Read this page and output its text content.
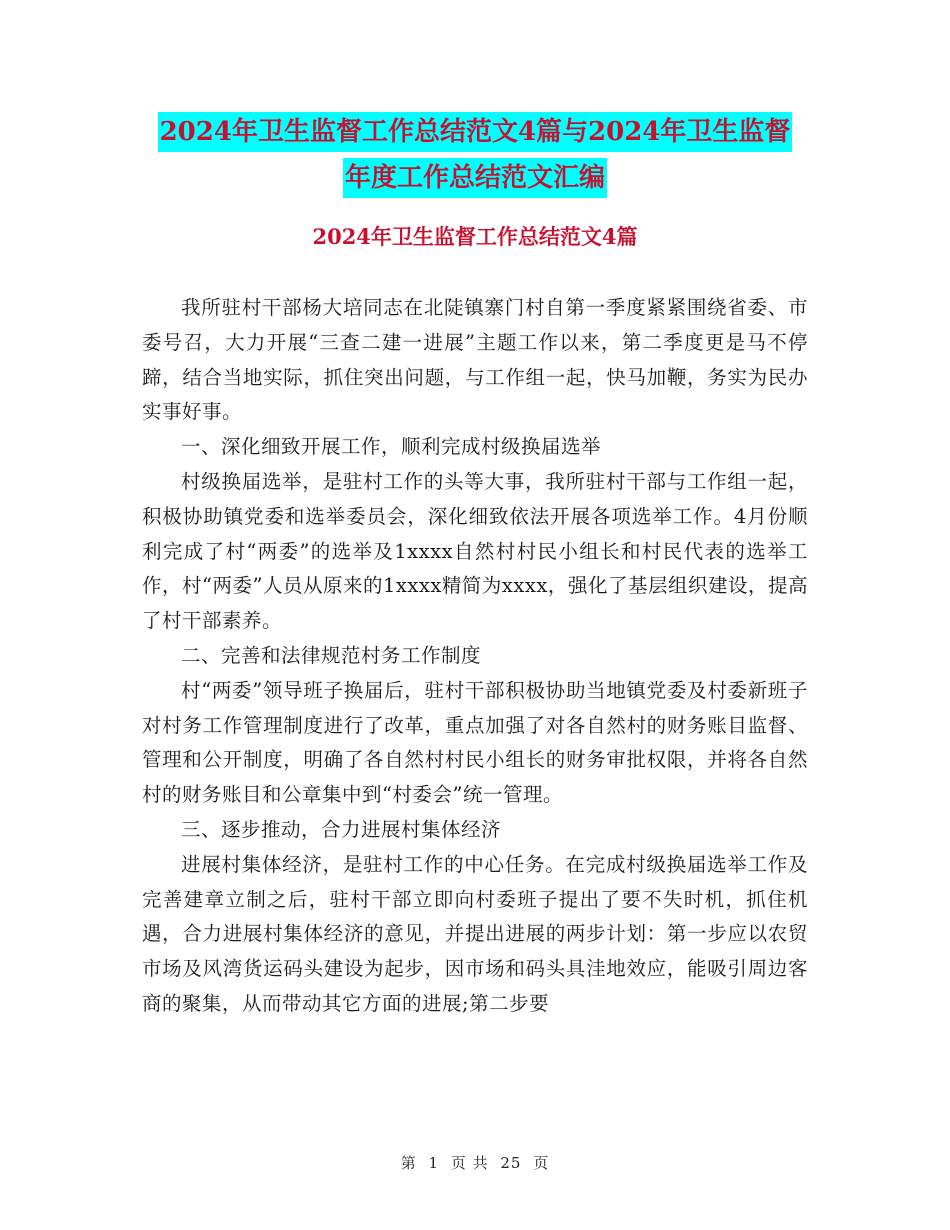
2024年卫生监督工作总结范文4篇与2024年卫生监督
年度工作总结范文汇编
2024年卫生监督工作总结范文4篇

我所驻村干部杨大培同志在北陡镇寨门村自第一季度紧紧围绕省委、市委号召，大力开展“三查二建一进展”主题工作以来，第二季度更是马不停蹄，结合当地实际，抓住突出问题，与工作组一起，快马加鞭，务实为民办实事好事。

一、深化细致开展工作，顺利完成村级换届选举

村级换届选举，是驻村工作的头等大事，我所驻村干部与工作组一起，积极协助镇党委和选举委员会，深化细致依法开展各项选举工作。4月份顺利完成了村“两委”的选举及1xxxx自然村村民小组长和村民代表的选举工作，村“两委”人员从原来的1xxxx精简为xxxx，强化了基层组织建设，提高了村干部素养。

二、完善和法律规范村务工作制度

村“两委”领导班子换届后，驻村干部积极协助当地镇党委及村委新班子对村务工作管理制度进行了改革，重点加强了对各自然村的财务账目监督、管理和公开制度，明确了各自然村村民小组长的财务审批权限，并将各自然村的财务账目和公章集中到“村委会”统一管理。

三、逐步推动，合力进展村集体经济

进展村集体经济，是驻村工作的中心任务。在完成村级换届选举工作及完善建章立制之后，驻村干部立即向村委班子提出了要不失时机，抓住机遇，合力进展村集体经济的意见，并提出进展的两步计划：第一步应以农贸市场及风湾货运码头建设为起步，因市场和码头具洼地效应，能吸引周边客商的聚集，从而带动其它方面的进展;第二步要

第 1 页 共 25 页
